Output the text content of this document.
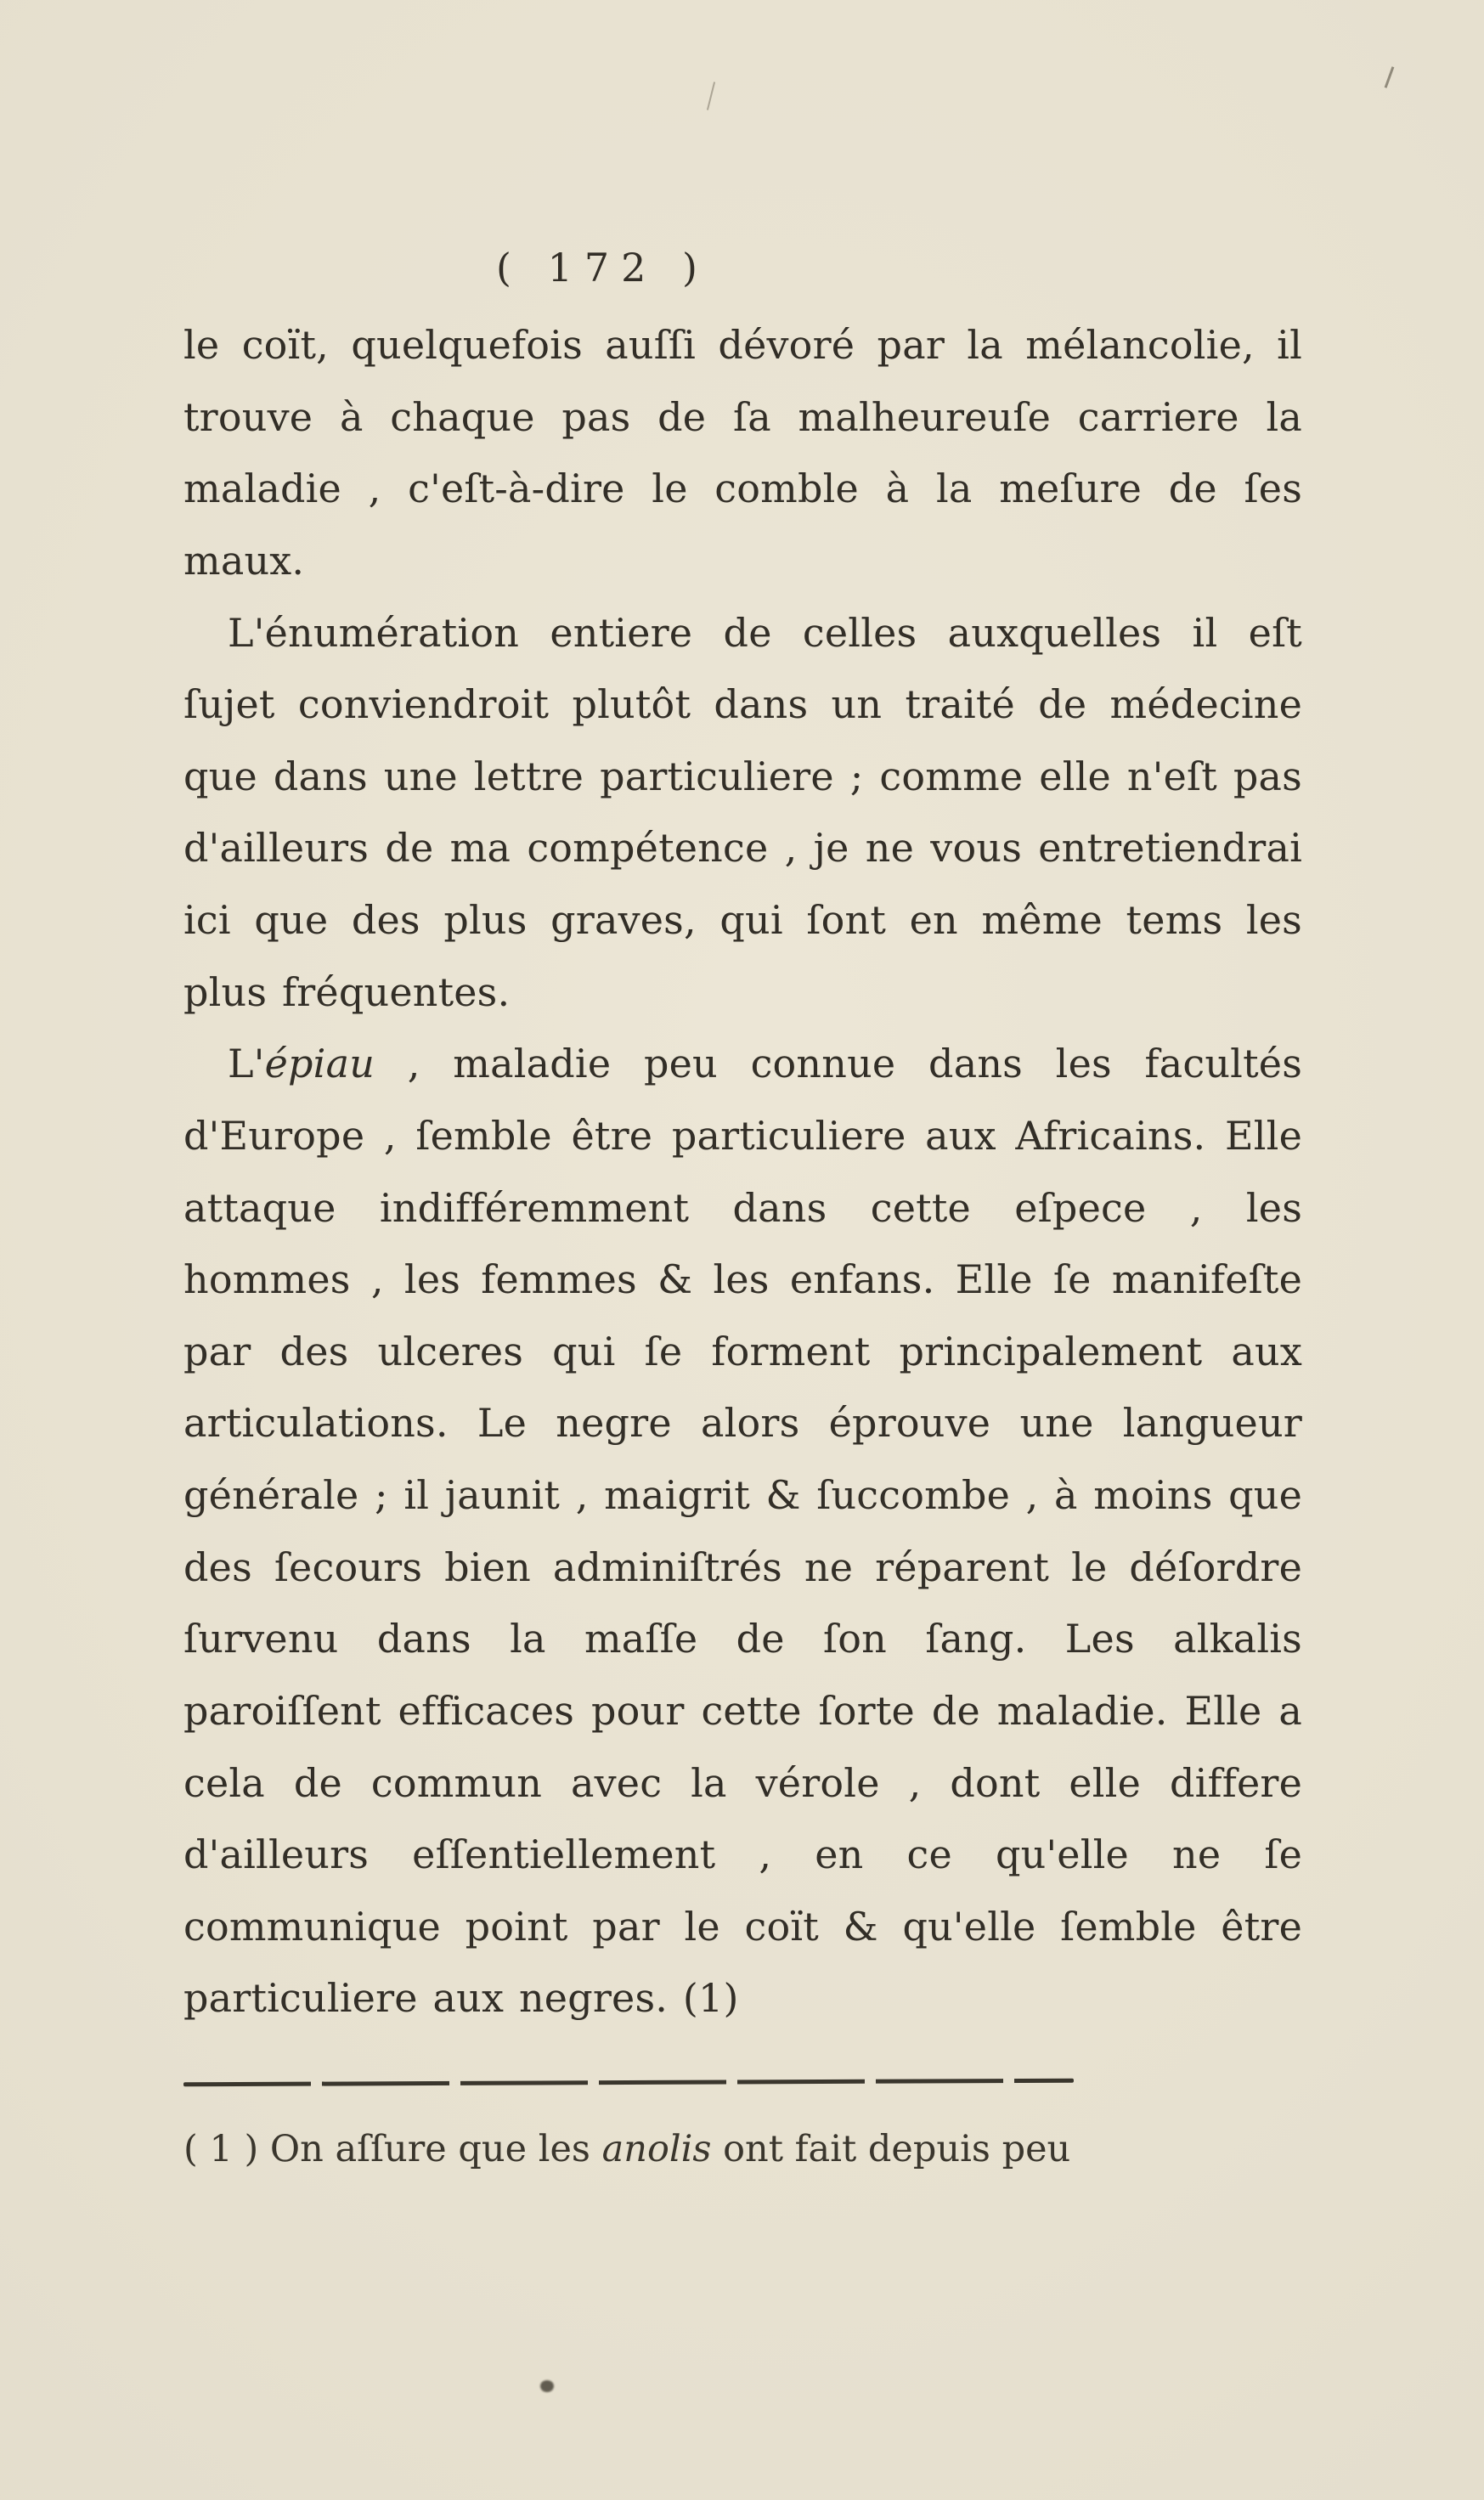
( 172 )

le coït, quelquefois auſſi dévoré par la mélancolie, il trouve à chaque pas de ſa malheureuſe carriere la maladie , c'eſt-à-dire le comble à la meſure de ſes maux.

L'énumération entiere de celles auxquelles il eſt ſujet conviendroit plutôt dans un traité de médecine que dans une lettre particuliere ; comme elle n'eſt pas d'ailleurs de ma compétence , je ne vous entretiendrai ici que des plus graves, qui ſont en même tems les plus fréquentes.

L'épiau , maladie peu connue dans les facultés d'Europe , ſemble être particuliere aux Africains. Elle attaque indifféremment dans cette eſpece , les hommes , les femmes & les enfans. Elle ſe manifeſte par des ulceres qui ſe forment principalement aux articulations. Le negre alors éprouve une langueur générale ; il jaunit , maigrit & ſuccombe , à moins que des ſecours bien adminiſtrés ne réparent le déſordre ſurvenu dans la maſſe de ſon ſang. Les alkalis paroiſſent efficaces pour cette ſorte de maladie. Elle a cela de commun avec la vérole , dont elle differe d'ailleurs eſſentiellement , en ce qu'elle ne ſe communique point par le coït & qu'elle ſemble être particuliere aux negres. (1)

( 1 ) On aſſure que les anolis ont fait depuis peu
